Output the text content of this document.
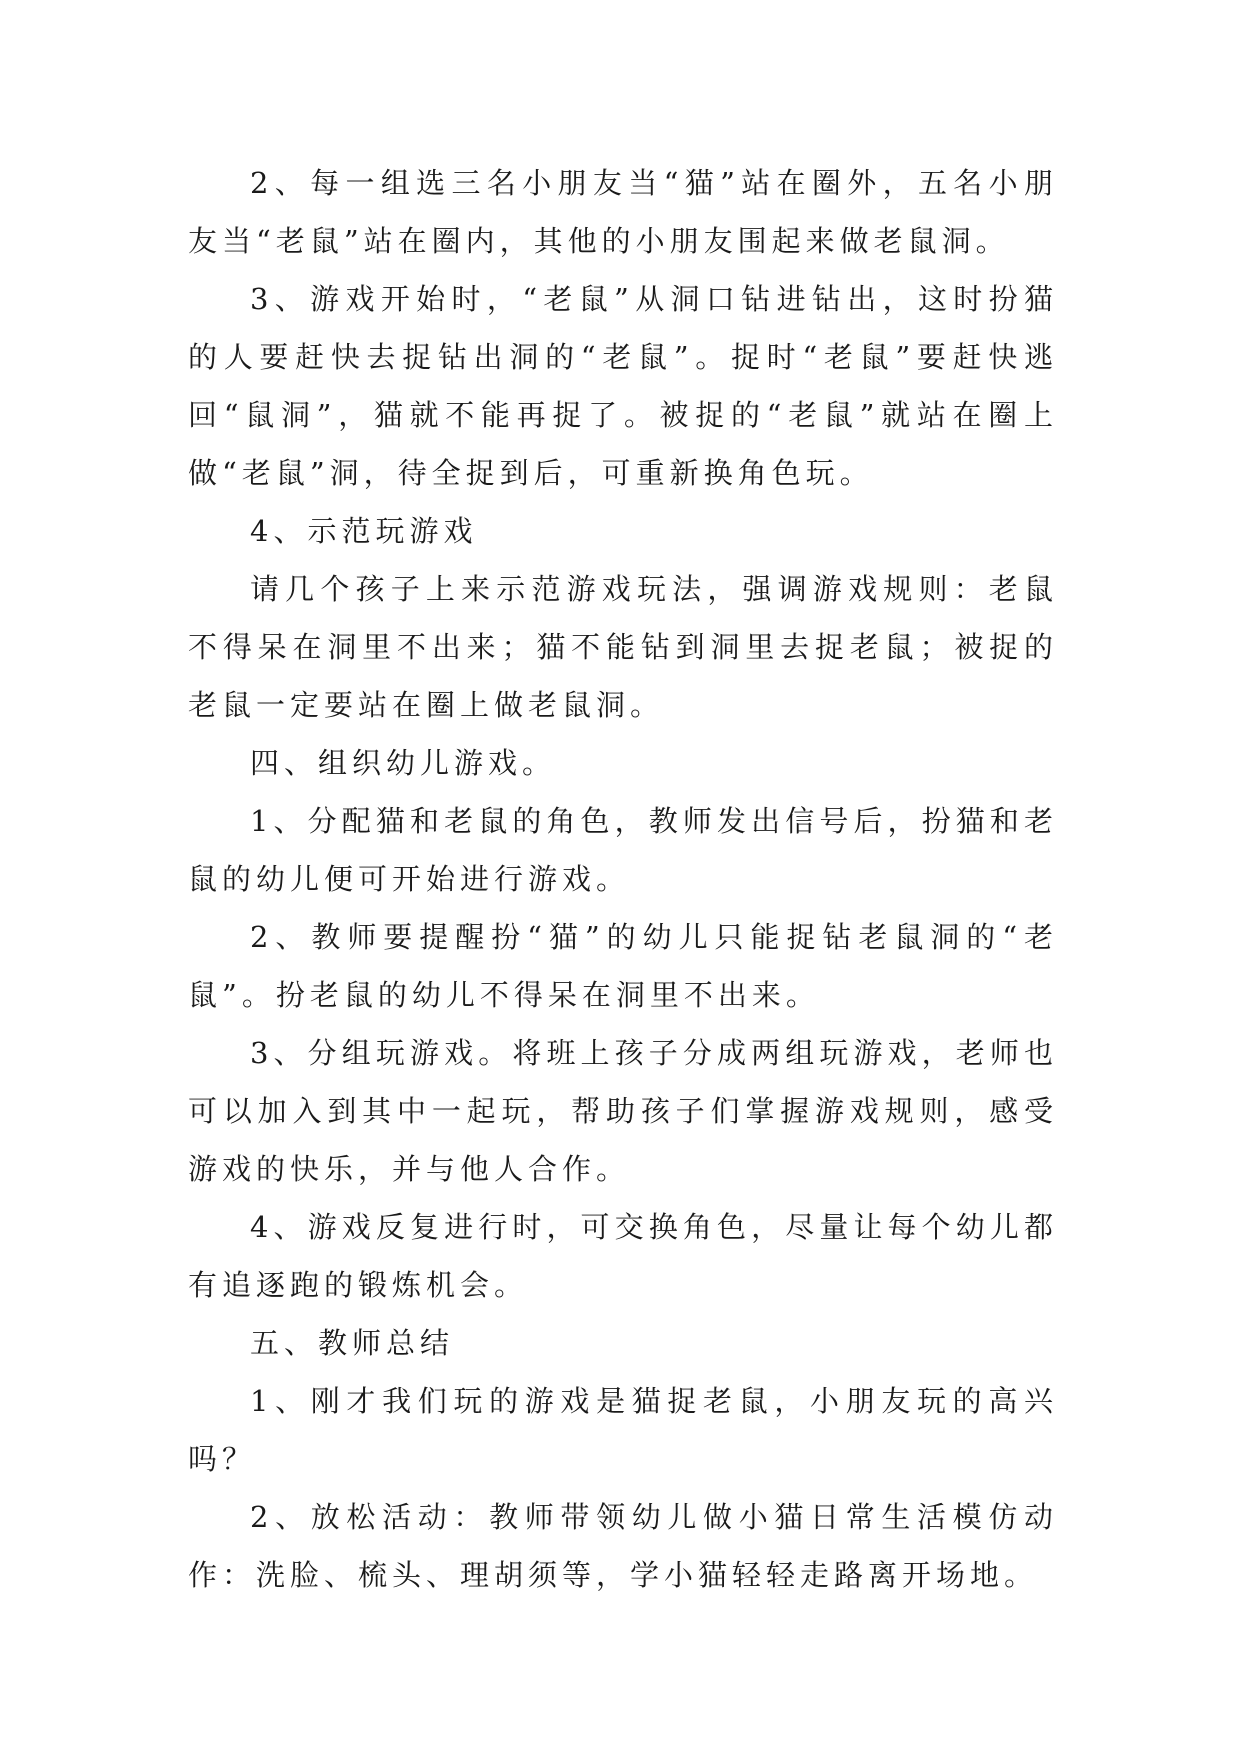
2、每一组选三名小朋友当“猫”站在圈外，五名小朋友当“老鼠”站在圈内，其他的小朋友围起来做老鼠洞。

3、游戏开始时，“老鼠”从洞口钻进钻出，这时扮猫的人要赶快去捉钻出洞的“老鼠”。捉时“老鼠”要赶快逃回“鼠洞”，猫就不能再捉了。被捉的“老鼠”就站在圈上做“老鼠”洞，待全捉到后，可重新换角色玩。

4、示范玩游戏

请几个孩子上来示范游戏玩法，强调游戏规则：老鼠不得呆在洞里不出来；猫不能钻到洞里去捉老鼠；被捉的老鼠一定要站在圈上做老鼠洞。

四、组织幼儿游戏。

1、分配猫和老鼠的角色，教师发出信号后，扮猫和老鼠的幼儿便可开始进行游戏。

2、教师要提醒扮“猫”的幼儿只能捉钻老鼠洞的“老鼠”。扮老鼠的幼儿不得呆在洞里不出来。

3、分组玩游戏。将班上孩子分成两组玩游戏，老师也可以加入到其中一起玩，帮助孩子们掌握游戏规则，感受游戏的快乐，并与他人合作。

4、游戏反复进行时，可交换角色，尽量让每个幼儿都有追逐跑的锻炼机会。

五、教师总结

1、刚才我们玩的游戏是猫捉老鼠，小朋友玩的高兴吗？

2、放松活动：教师带领幼儿做小猫日常生活模仿动作：洗脸、梳头、理胡须等，学小猫轻轻走路离开场地。
